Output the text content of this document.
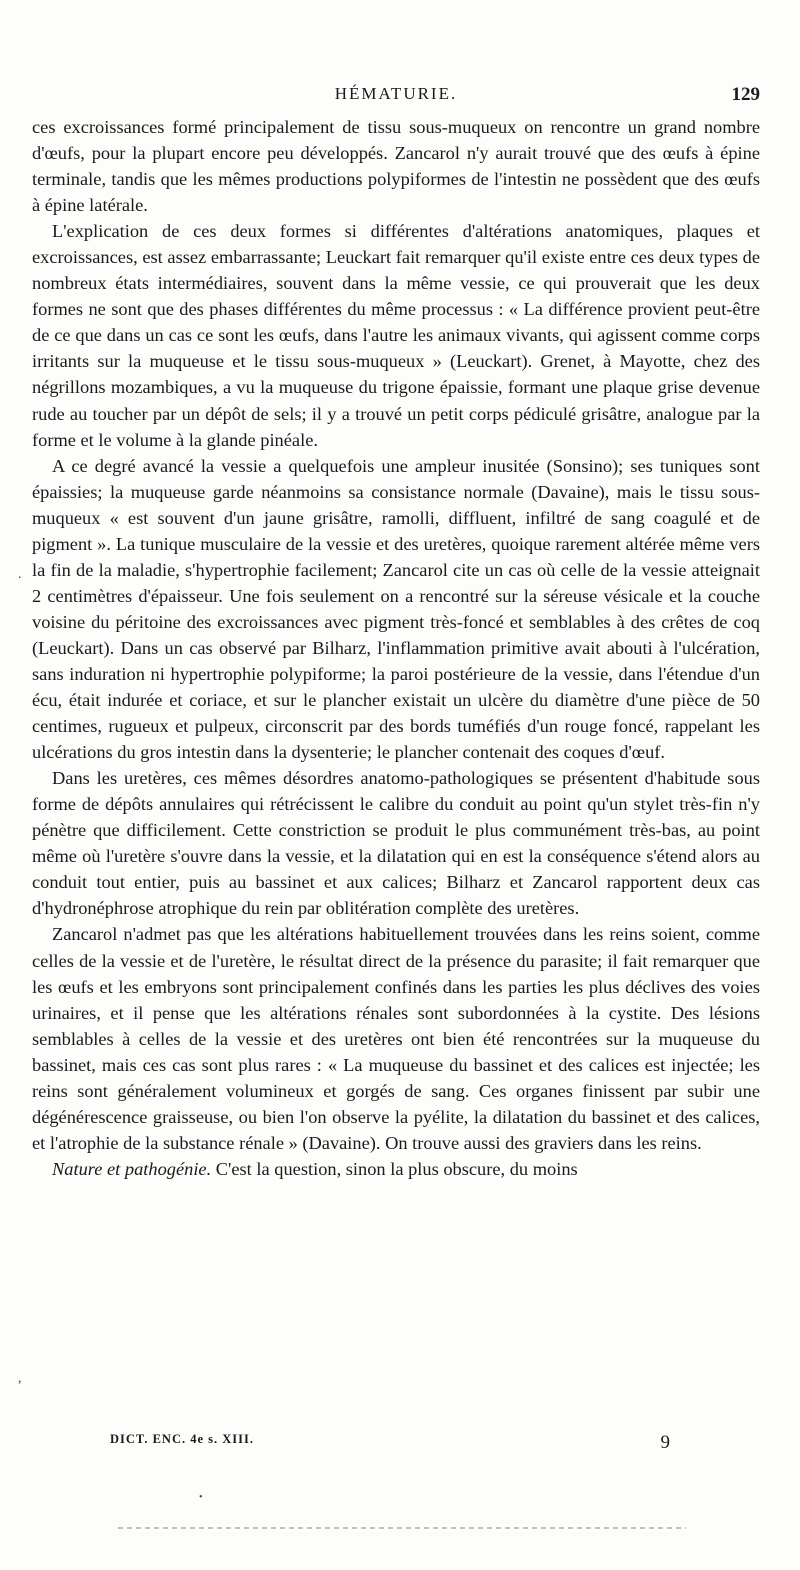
HÉMATURIE.	129

ces excroissances formé principalement de tissu sous-muqueux on rencontre un grand nombre d'œufs, pour la plupart encore peu développés. Zancarol n'y aurait trouvé que des œufs à épine terminale, tandis que les mêmes productions polypiformes de l'intestin ne possèdent que des œufs à épine latérale.

L'explication de ces deux formes si différentes d'altérations anatomiques, plaques et excroissances, est assez embarrassante; Leuckart fait remarquer qu'il existe entre ces deux types de nombreux états intermédiaires, souvent dans la même vessie, ce qui prouverait que les deux formes ne sont que des phases différentes du même processus : « La différence provient peut-être de ce que dans un cas ce sont les œufs, dans l'autre les animaux vivants, qui agissent comme corps irritants sur la muqueuse et le tissu sous-muqueux » (Leuckart). Grenet, à Mayotte, chez des négrillons mozambiques, a vu la muqueuse du trigone épaissie, formant une plaque grise devenue rude au toucher par un dépôt de sels; il y a trouvé un petit corps pédiculé grisâtre, analogue par la forme et le volume à la glande pinéale.

A ce degré avancé la vessie a quelquefois une ampleur inusitée (Sonsino); ses tuniques sont épaissies; la muqueuse garde néanmoins sa consistance normale (Davaine), mais le tissu sous-muqueux « est souvent d'un jaune grisâtre, ramolli, diffluent, infiltré de sang coagulé et de pigment ». La tunique musculaire de la vessie et des uretères, quoique rarement altérée même vers la fin de la maladie, s'hypertrophie facilement; Zancarol cite un cas où celle de la vessie atteignait 2 centimètres d'épaisseur. Une fois seulement on a rencontré sur la séreuse vésicale et la couche voisine du péritoine des excroissances avec pigment très-foncé et semblables à des crêtes de coq (Leuckart). Dans un cas observé par Bilharz, l'inflammation primitive avait abouti à l'ulcération, sans induration ni hypertrophie polypiforme; la paroi postérieure de la vessie, dans l'étendue d'un écu, était indurée et coriace, et sur le plancher existait un ulcère du diamètre d'une pièce de 50 centimes, rugueux et pulpeux, circonscrit par des bords tuméfiés d'un rouge foncé, rappelant les ulcérations du gros intestin dans la dysenterie; le plancher contenait des coques d'œuf.

Dans les uretères, ces mêmes désordres anatomo-pathologiques se présentent d'habitude sous forme de dépôts annulaires qui rétrécissent le calibre du conduit au point qu'un stylet très-fin n'y pénètre que difficilement. Cette constriction se produit le plus communément très-bas, au point même où l'uretère s'ouvre dans la vessie, et la dilatation qui en est la conséquence s'étend alors au conduit tout entier, puis au bassinet et aux calices; Bilharz et Zancarol rapportent deux cas d'hydronéphrose atrophique du rein par oblitération complète des uretères.

Zancarol n'admet pas que les altérations habituellement trouvées dans les reins soient, comme celles de la vessie et de l'uretère, le résultat direct de la présence du parasite; il fait remarquer que les œufs et les embryons sont principalement confinés dans les parties les plus déclives des voies urinaires, et il pense que les altérations rénales sont subordonnées à la cystite. Des lésions semblables à celles de la vessie et des uretères ont bien été rencontrées sur la muqueuse du bassinet, mais ces cas sont plus rares : « La muqueuse du bassinet et des calices est injectée; les reins sont généralement volumineux et gorgés de sang. Ces organes finissent par subir une dégénérescence graisseuse, ou bien l'on observe la pyélite, la dilatation du bassinet et des calices, et l'atrophie de la substance rénale » (Davaine). On trouve aussi des graviers dans les reins.

Nature et pathogénie. C'est la question, sinon la plus obscure, du moins

.
,
•
DICT. ENC. 4e s. XIII.	9
